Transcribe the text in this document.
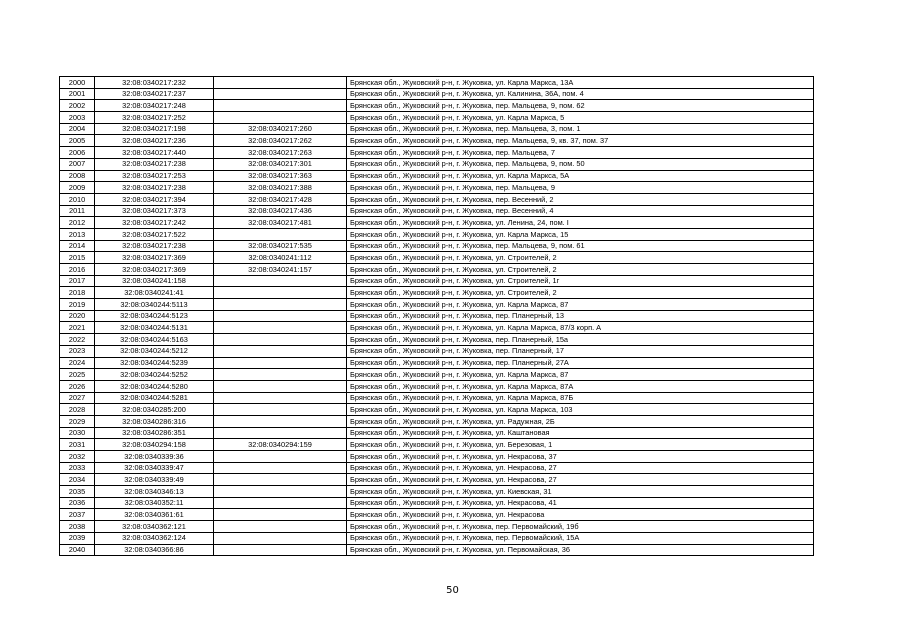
2000	32:08:0340217:232		Брянская обл., Жуковский р-н, г. Жуковка, ул. Карла Маркса, 13А
2001	32:08:0340217:237		Брянская обл., Жуковский р-н, г. Жуковка, ул. Калинина, 36А, пом. 4
2002	32:08:0340217:248		Брянская обл., Жуковский р-н, г. Жуковка, пер. Мальцева, 9, пом. 62
2003	32:08:0340217:252		Брянская обл., Жуковский р-н, г. Жуковка, ул. Карла Маркса, 5
2004	32:08:0340217:198	32:08:0340217:260	Брянская обл., Жуковский р-н, г. Жуковка, пер. Мальцева, 3, пом. 1
2005	32:08:0340217:236	32:08:0340217:262	Брянская обл., Жуковский р-н, г. Жуковка, пер. Мальцева, 9, кв. 37, пом. 37
2006	32:08:0340217:440	32:08:0340217:263	Брянская обл., Жуковский р-н, г. Жуковка, пер. Мальцева, 7
2007	32:08:0340217:238	32:08:0340217:301	Брянская обл., Жуковский р-н, г. Жуковка, пер. Мальцева, 9, пом. 50
2008	32:08:0340217:253	32:08:0340217:363	Брянская обл., Жуковский р-н, г. Жуковка, ул. Карла Маркса, 5А
2009	32:08:0340217:238	32:08:0340217:388	Брянская обл., Жуковский р-н, г. Жуковка, пер. Мальцева, 9
2010	32:08:0340217:394	32:08:0340217:428	Брянская обл., Жуковский р-н, г. Жуковка, пер. Весенний, 2
2011	32:08:0340217:373	32:08:0340217:436	Брянская обл., Жуковский р-н, г. Жуковка, пер. Весенний, 4
2012	32:08:0340217:242	32:08:0340217:481	Брянская обл., Жуковский р-н, г. Жуковка, ул. Ленина, 24, пом. I
2013	32:08:0340217:522		Брянская обл., Жуковский р-н, г. Жуковка, ул. Карла Маркса, 15
2014	32:08:0340217:238	32:08:0340217:535	Брянская обл., Жуковский р-н, г. Жуковка, пер. Мальцева, 9, пом. 61
2015	32:08:0340217:369	32:08:0340241:112	Брянская обл., Жуковский р-н, г. Жуковка, ул. Строителей, 2
2016	32:08:0340217:369	32:08:0340241:157	Брянская обл., Жуковский р-н, г. Жуковка, ул. Строителей, 2
2017	32:08:0340241:158		Брянская обл., Жуковский р-н, г. Жуковка, ул. Строителей, 1г
2018	32:08:0340241:41		Брянская обл., Жуковский р-н, г. Жуковка, ул. Строителей, 2
2019	32:08:0340244:5113		Брянская обл., Жуковский р-н, г. Жуковка, ул. Карла Маркса, 87
2020	32:08:0340244:5123		Брянская обл., Жуковский р-н, г. Жуковка, пер. Планерный, 13
2021	32:08:0340244:5131		Брянская обл., Жуковский р-н, г. Жуковка, ул. Карла Маркса, 87/3 корп. А
2022	32:08:0340244:5163		Брянская обл., Жуковский р-н, г. Жуковка, пер. Планерный, 15а
2023	32:08:0340244:5212		Брянская обл., Жуковский р-н, г. Жуковка, пер. Планерный, 17
2024	32:08:0340244:5239		Брянская обл., Жуковский р-н, г. Жуковка, пер. Планерный, 27А
2025	32:08:0340244:5252		Брянская обл., Жуковский р-н, г. Жуковка, ул. Карла Маркса, 87
2026	32:08:0340244:5280		Брянская обл., Жуковский р-н, г. Жуковка, ул. Карла Маркса, 87А
2027	32:08:0340244:5281		Брянская обл., Жуковский р-н, г. Жуковка, ул. Карла Маркса, 87Б
2028	32:08:0340285:200		Брянская обл., Жуковский р-н, г. Жуковка, ул. Карла Маркса, 103
2029	32:08:0340286:316		Брянская обл., Жуковский р-н, г. Жуковка, ул. Радужная, 2Б
2030	32:08:0340286:351		Брянская обл., Жуковский р-н, г. Жуковка, ул. Каштановая
2031	32:08:0340294:158	32:08:0340294:159	Брянская обл., Жуковский р-н, г. Жуковка, ул. Березовая, 1
2032	32:08:0340339:36		Брянская обл., Жуковский р-н, г. Жуковка, ул. Некрасова, 37
2033	32:08:0340339:47		Брянская обл., Жуковский р-н, г. Жуковка, ул. Некрасова, 27
2034	32:08:0340339:49		Брянская обл., Жуковский р-н, г. Жуковка, ул. Некрасова, 27
2035	32:08:0340346:13		Брянская обл., Жуковский р-н, г. Жуковка, ул. Киевская, 31
2036	32:08:0340352:11		Брянская обл., Жуковский р-н, г. Жуковка, ул. Некрасова, 41
2037	32:08:0340361:61		Брянская обл., Жуковский р-н, г. Жуковка, ул. Некрасова
2038	32:08:0340362:121		Брянская обл., Жуковский р-н, г. Жуковка, пер. Первомайский, 19б
2039	32:08:0340362:124		Брянская обл., Жуковский р-н, г. Жуковка, пер. Первомайский, 15А
2040	32:08:0340366:86		Брянская обл., Жуковский р-н, г. Жуковка, ул. Первомайская, 36
50
